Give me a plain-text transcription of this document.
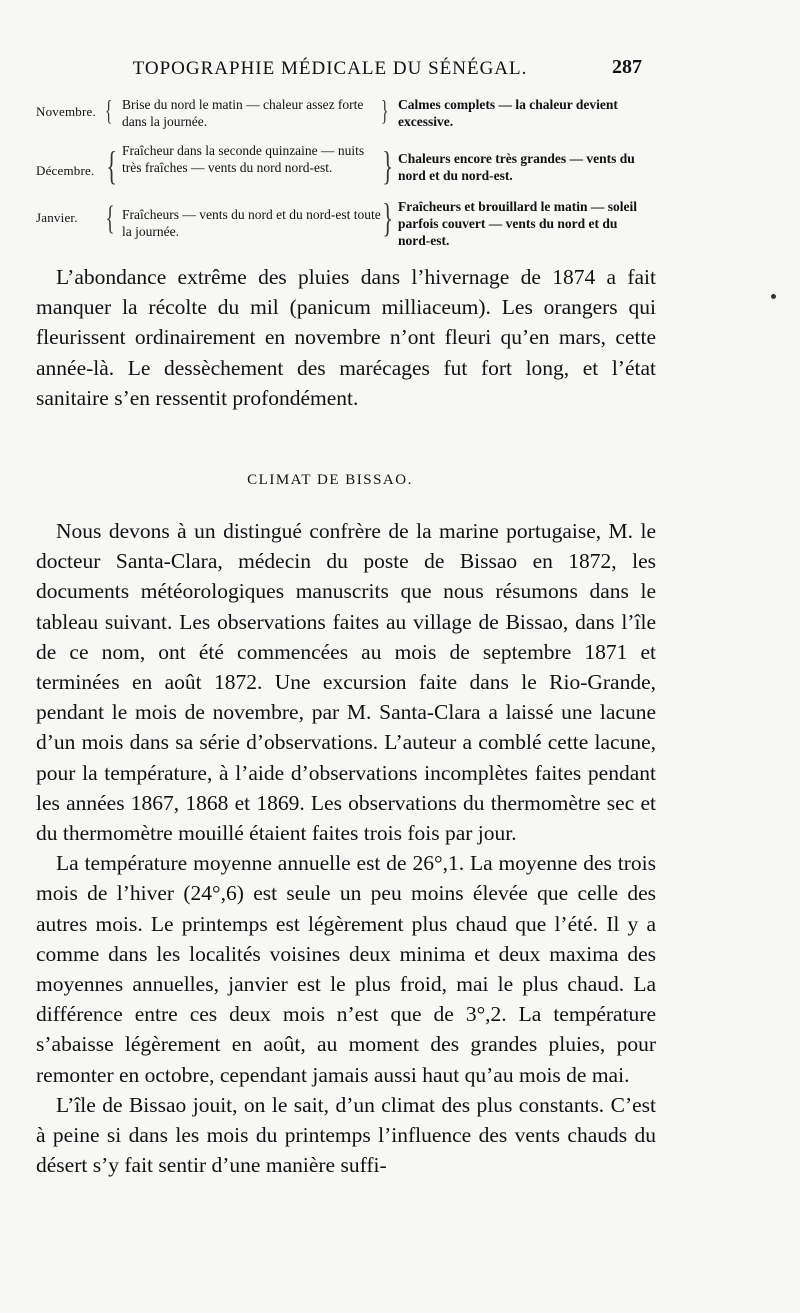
TOPOGRAPHIE MÉDICALE DU SÉNÉGAL.	287
Novembre. { Brise du nord le matin — chaleur assez forte dans la journée.	} Calmes complets — la chaleur devient excessive.
Décembre. { Fraîcheur dans la seconde quinzaine — nuits très fraîches — vents du nord nord-est.	} Chaleurs encore très grandes — vents du nord et du nord-est.
Janvier. { Fraîcheurs — vents du nord et du nord-est toute la journée.	} Fraîcheurs et brouillard le matin — soleil parfois couvert — vents du nord et du nord-est.

L’abondance extrême des pluies dans l’hivernage de 1874 a fait manquer la récolte du mil (panicum milliaceum). Les orangers qui fleurissent ordinairement en novembre n’ont fleuri qu’en mars, cette année-là. Le dessèchement des marécages fut fort long, et l’état sanitaire s’en ressentit profondément.

CLIMAT DE BISSAO.

Nous devons à un distingué confrère de la marine portugaise, M. le docteur Santa-Clara, médecin du poste de Bissao en 1872, les documents météorologiques manuscrits que nous résumons dans le tableau suivant. Les observations faites au village de Bissao, dans l’île de ce nom, ont été commencées au mois de septembre 1871 et terminées en août 1872. Une excursion faite dans le Rio-Grande, pendant le mois de novembre, par M. Santa-Clara a laissé une lacune d’un mois dans sa série d’observations. L’auteur a comblé cette lacune, pour la température, à l’aide d’observations incomplètes faites pendant les années 1867, 1868 et 1869. Les observations du thermomètre sec et du thermomètre mouillé étaient faites trois fois par jour.

La température moyenne annuelle est de 26°,1. La moyenne des trois mois de l’hiver (24°,6) est seule un peu moins élevée que celle des autres mois. Le printemps est légèrement plus chaud que l’été. Il y a comme dans les localités voisines deux minima et deux maxima des moyennes annuelles, janvier est le plus froid, mai le plus chaud. La différence entre ces deux mois n’est que de 3°,2. La température s’abaisse légèrement en août, au moment des grandes pluies, pour remonter en octobre, cependant jamais aussi haut qu’au mois de mai.

L’île de Bissao jouit, on le sait, d’un climat des plus constants. C’est à peine si dans les mois du printemps l’influence des vents chauds du désert s’y fait sentir d’une manière suffi-
